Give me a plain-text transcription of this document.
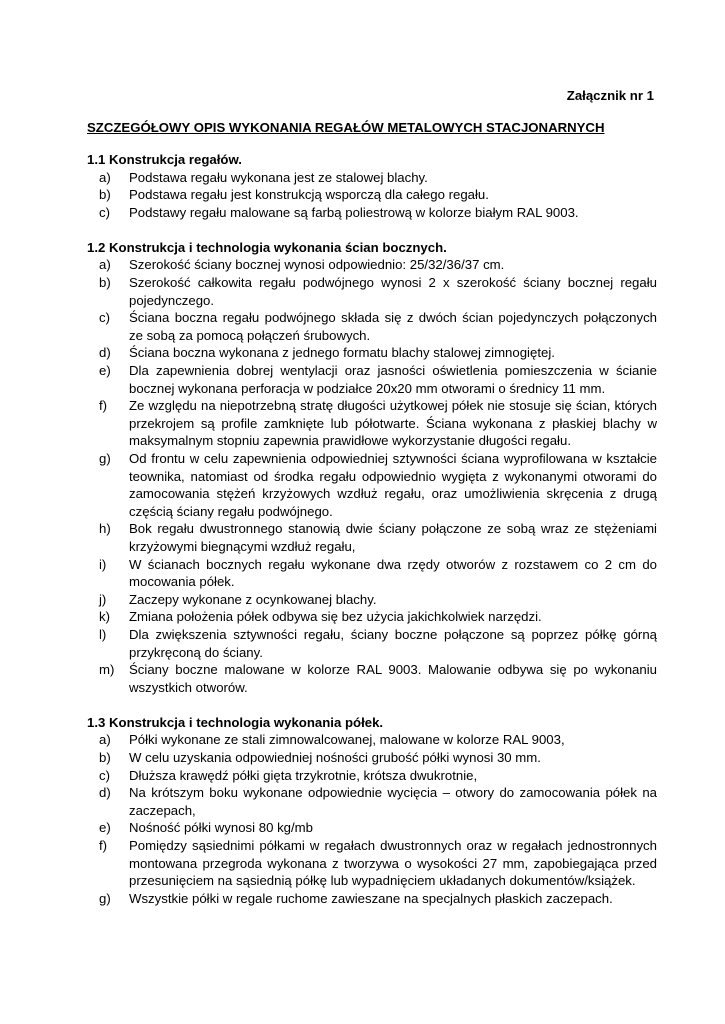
Załącznik nr 1
SZCZEGÓŁOWY OPIS WYKONANIA REGAŁÓW METALOWYCH STACJONARNYCH

1.1 Konstrukcja regałów.

a)	Podstawa regału wykonana jest ze stalowej blachy.
b)	Podstawa regału jest konstrukcją wsporczą dla całego regału.
c)	Podstawy regału malowane są farbą poliestrową w kolorze białym RAL 9003.

1.2 Konstrukcja i technologia wykonania ścian bocznych.

a)	Szerokość ściany bocznej wynosi odpowiednio: 25/32/36/37 cm.
b)	Szerokość całkowita regału podwójnego wynosi 2 x szerokość ściany bocznej regału pojedynczego.
c)	Ściana boczna regału podwójnego składa się z dwóch ścian pojedynczych połączonych ze sobą za pomocą połączeń śrubowych.
d)	Ściana boczna wykonana z jednego formatu blachy stalowej zimnogiętej.
e)	Dla zapewnienia dobrej wentylacji oraz jasności oświetlenia pomieszczenia w ścianie bocznej wykonana perforacja w podziałce 20x20 mm otworami o średnicy 11 mm.
f)	Ze względu na niepotrzebną stratę długości użytkowej półek nie stosuje się ścian, których przekrojem są profile zamknięte lub półotwarte. Ściana wykonana z płaskiej blachy w maksymalnym stopniu zapewnia prawidłowe wykorzystanie długości regału.
g)	Od frontu w celu zapewnienia odpowiedniej sztywności ściana wyprofilowana w kształcie teownika, natomiast od środka regału odpowiednio wygięta z wykonanymi otworami do zamocowania stężeń krzyżowych wzdłuż regału, oraz umożliwienia skręcenia z drugą częścią ściany regału podwójnego.
h)	Bok regału dwustronnego stanowią dwie ściany połączone ze sobą wraz ze stężeniami krzyżowymi biegnącymi wzdłuż regału,
i)	W ścianach bocznych regału wykonane dwa rzędy otworów z rozstawem co 2 cm do mocowania półek.
j)	Zaczepy wykonane z ocynkowanej blachy.
k)	Zmiana położenia półek odbywa się bez użycia jakichkolwiek narzędzi.
l)	Dla zwiększenia sztywności regału, ściany boczne połączone są poprzez półkę górną przykręconą do ściany.
m)	Ściany boczne malowane w kolorze RAL 9003. Malowanie odbywa się po wykonaniu wszystkich otworów.

1.3 Konstrukcja i technologia wykonania półek.

a)	Półki wykonane ze stali zimnowalcowanej, malowane w kolorze RAL 9003,
b)	W celu uzyskania odpowiedniej nośności grubość półki wynosi 30 mm.
c)	Dłuższa krawędź półki gięta trzykrotnie, krótsza dwukrotnie,
d)	Na krótszym boku wykonane odpowiednie wycięcia – otwory do zamocowania półek na zaczepach,
e)	Nośność półki wynosi 80 kg/mb
f)	Pomiędzy sąsiednimi półkami w regałach dwustronnych oraz w regałach jednostronnych montowana przegroda wykonana z tworzywa o wysokości 27 mm, zapobiegająca przed przesunięciem na sąsiednią półkę lub wypadnięciem układanych dokumentów/książek.
g)	Wszystkie półki w regale ruchome zawieszane na specjalnych płaskich zaczepach.
